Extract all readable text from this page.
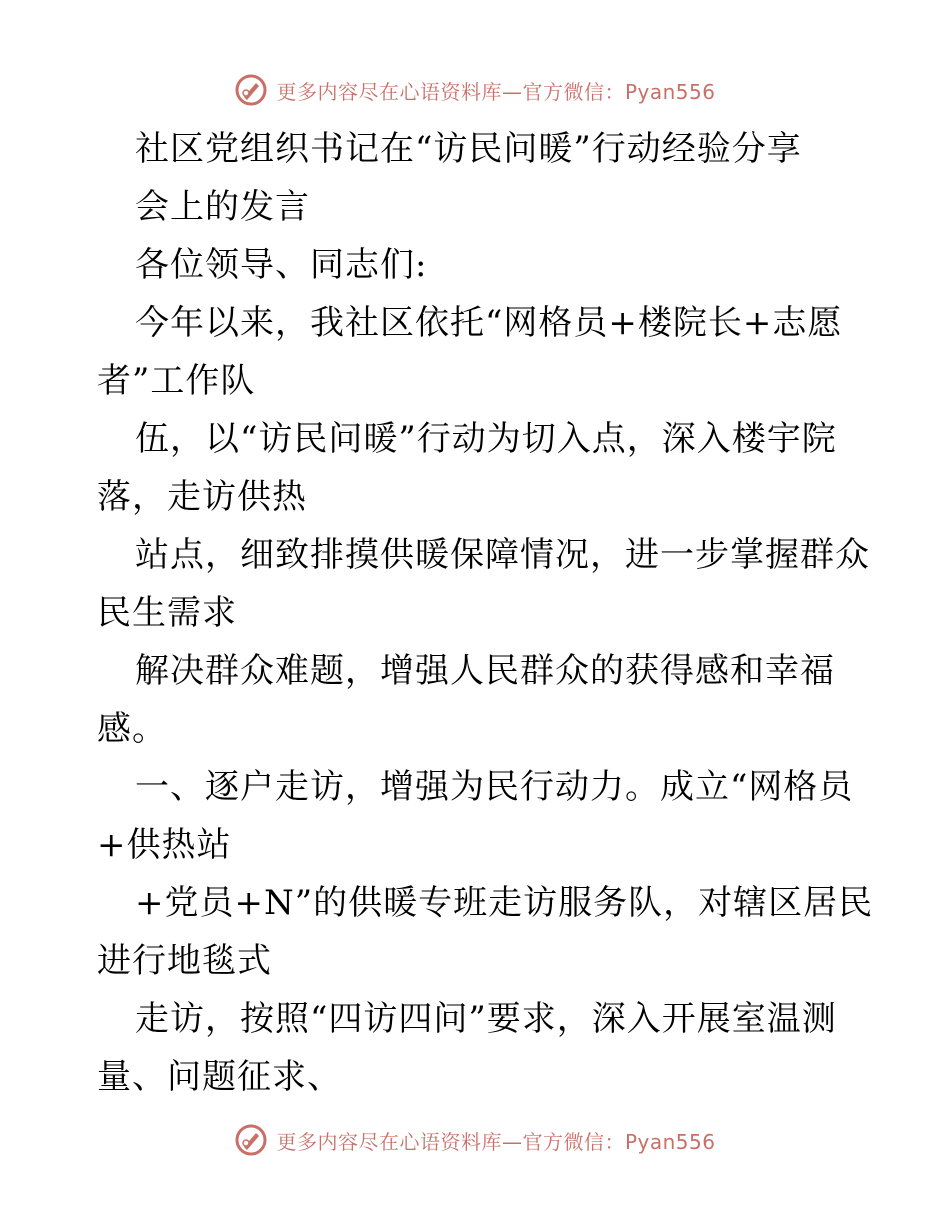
更多内容尽在心语资料库—官方微信：Pyan556
社区党组织书记在“访民问暖”行动经验分享
会上的发言
各位领导、同志们:
今年以来，我社区依托“网格员+楼院长+志愿
者”工作队
伍，以“访民问暖”行动为切入点，深入楼宇院
落，走访供热
站点，细致排摸供暖保障情况，进一步掌握群众
民生需求
解决群众难题，增强人民群众的获得感和幸福
感。
一、逐户走访，增强为民行动力。成立“网格员
+供热站
+党员+N”的供暖专班走访服务队，对辖区居民
进行地毯式
走访，按照“四访四问”要求，深入开展室温测
量、问题征求、
更多内容尽在心语资料库—官方微信：Pyan556
